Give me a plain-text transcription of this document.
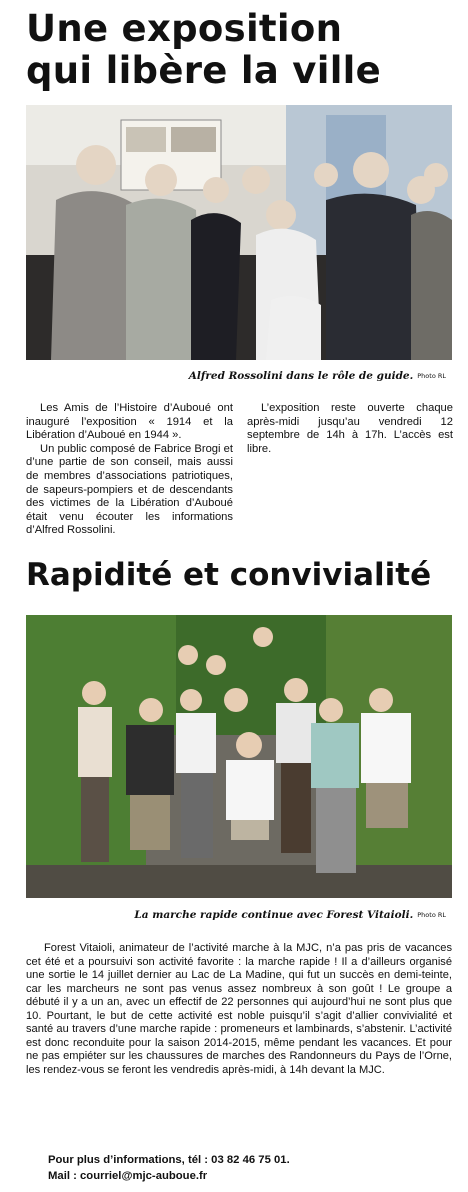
Une exposition
qui libère la ville
Alfred Rossolini dans le rôle de guide. Photo RL

Les Amis de l’Histoire d’Auboué ont inauguré l’exposition « 1914 et la Libération d’Auboué en 1944 ».

Un public composé de Fabrice Brogi et d’une partie de son conseil, mais aussi de membres d’associations patriotiques, de sapeurs-pompiers et de descendants des victimes de la Libération d’Auboué était venu écouter les informations d’Alfred Rossolini.

L’exposition reste ouverte chaque après-midi jusqu’au vendredi 12 septembre de 14h à 17h. L’accès est libre.

Rapidité et convivialité
La marche rapide continue avec Forest Vitaioli. Photo RL

Forest Vitaioli, animateur de l’activité marche à la MJC, n’a pas pris de vacances cet été et a poursuivi son activité favorite : la marche rapide ! Il a d’ailleurs organisé une sortie le 14 juillet dernier au Lac de La Madine, qui fut un succès en demi-teinte, car les marcheurs ne sont pas venus assez nombreux à son goût ! Le groupe a débuté il y a un an, avec un effectif de 22 personnes qui aujourd’hui ne sont plus que 10. Pourtant, le but de cette activité est noble puisqu’il s’agit d’allier convivialité et santé au travers d’une marche rapide : promeneurs et lambinards, s’abstenir. L’activité est donc reconduite pour la saison 2014-2015, même pendant les vacances. Et pour ne pas empiéter sur les chaussures de marches des Randonneurs du Pays de l’Orne, les rendez-vous se feront les vendredis après-midi, à 14h devant la MJC.

Pour plus d’informations, tél : 03 82 46 75 01.
Mail : courriel@mjc-auboue.fr
